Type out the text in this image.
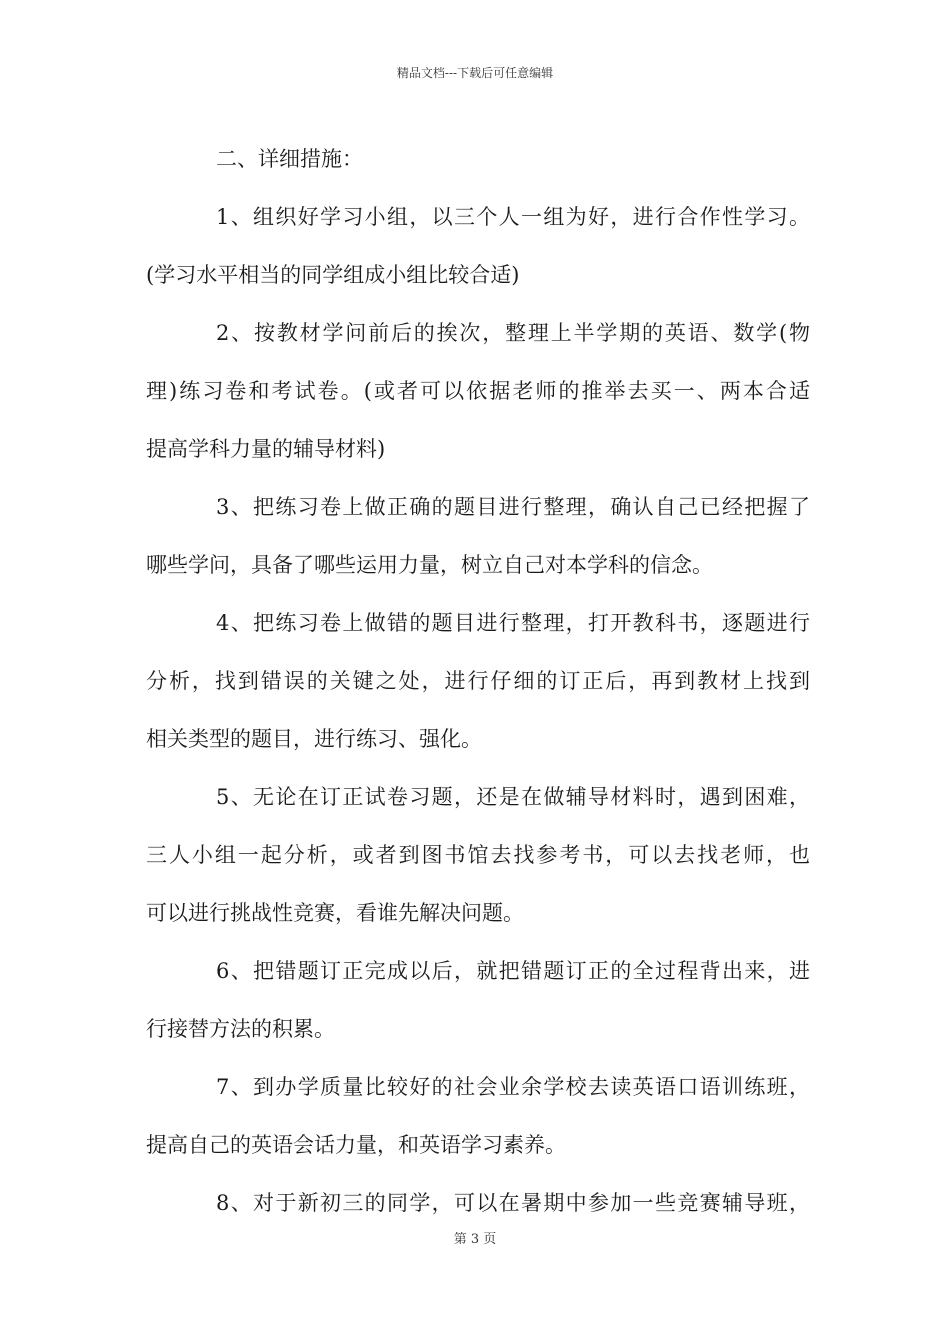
精品文档---下载后可任意编辑
二、详细措施：
1、组织好学习小组，以三个人一组为好，进行合作性学习。
(学习水平相当的同学组成小组比较合适)
2、按教材学问前后的挨次，整理上半学期的英语、数学(物
理)练习卷和考试卷。(或者可以依据老师的推举去买一、两本合适
提高学科力量的辅导材料)
3、把练习卷上做正确的题目进行整理，确认自己已经把握了
哪些学问，具备了哪些运用力量，树立自己对本学科的信念。
4、把练习卷上做错的题目进行整理，打开教科书，逐题进行
分析，找到错误的关键之处，进行仔细的订正后，再到教材上找到
相关类型的题目，进行练习、强化。
5、无论在订正试卷习题，还是在做辅导材料时，遇到困难，
三人小组一起分析，或者到图书馆去找参考书，可以去找老师，也
可以进行挑战性竞赛，看谁先解决问题。
6、把错题订正完成以后，就把错题订正的全过程背出来，进
行接替方法的积累。
7、到办学质量比较好的社会业余学校去读英语口语训练班，
提高自己的英语会话力量，和英语学习素养。
8、对于新初三的同学，可以在暑期中参加一些竞赛辅导班，
第 3 页
